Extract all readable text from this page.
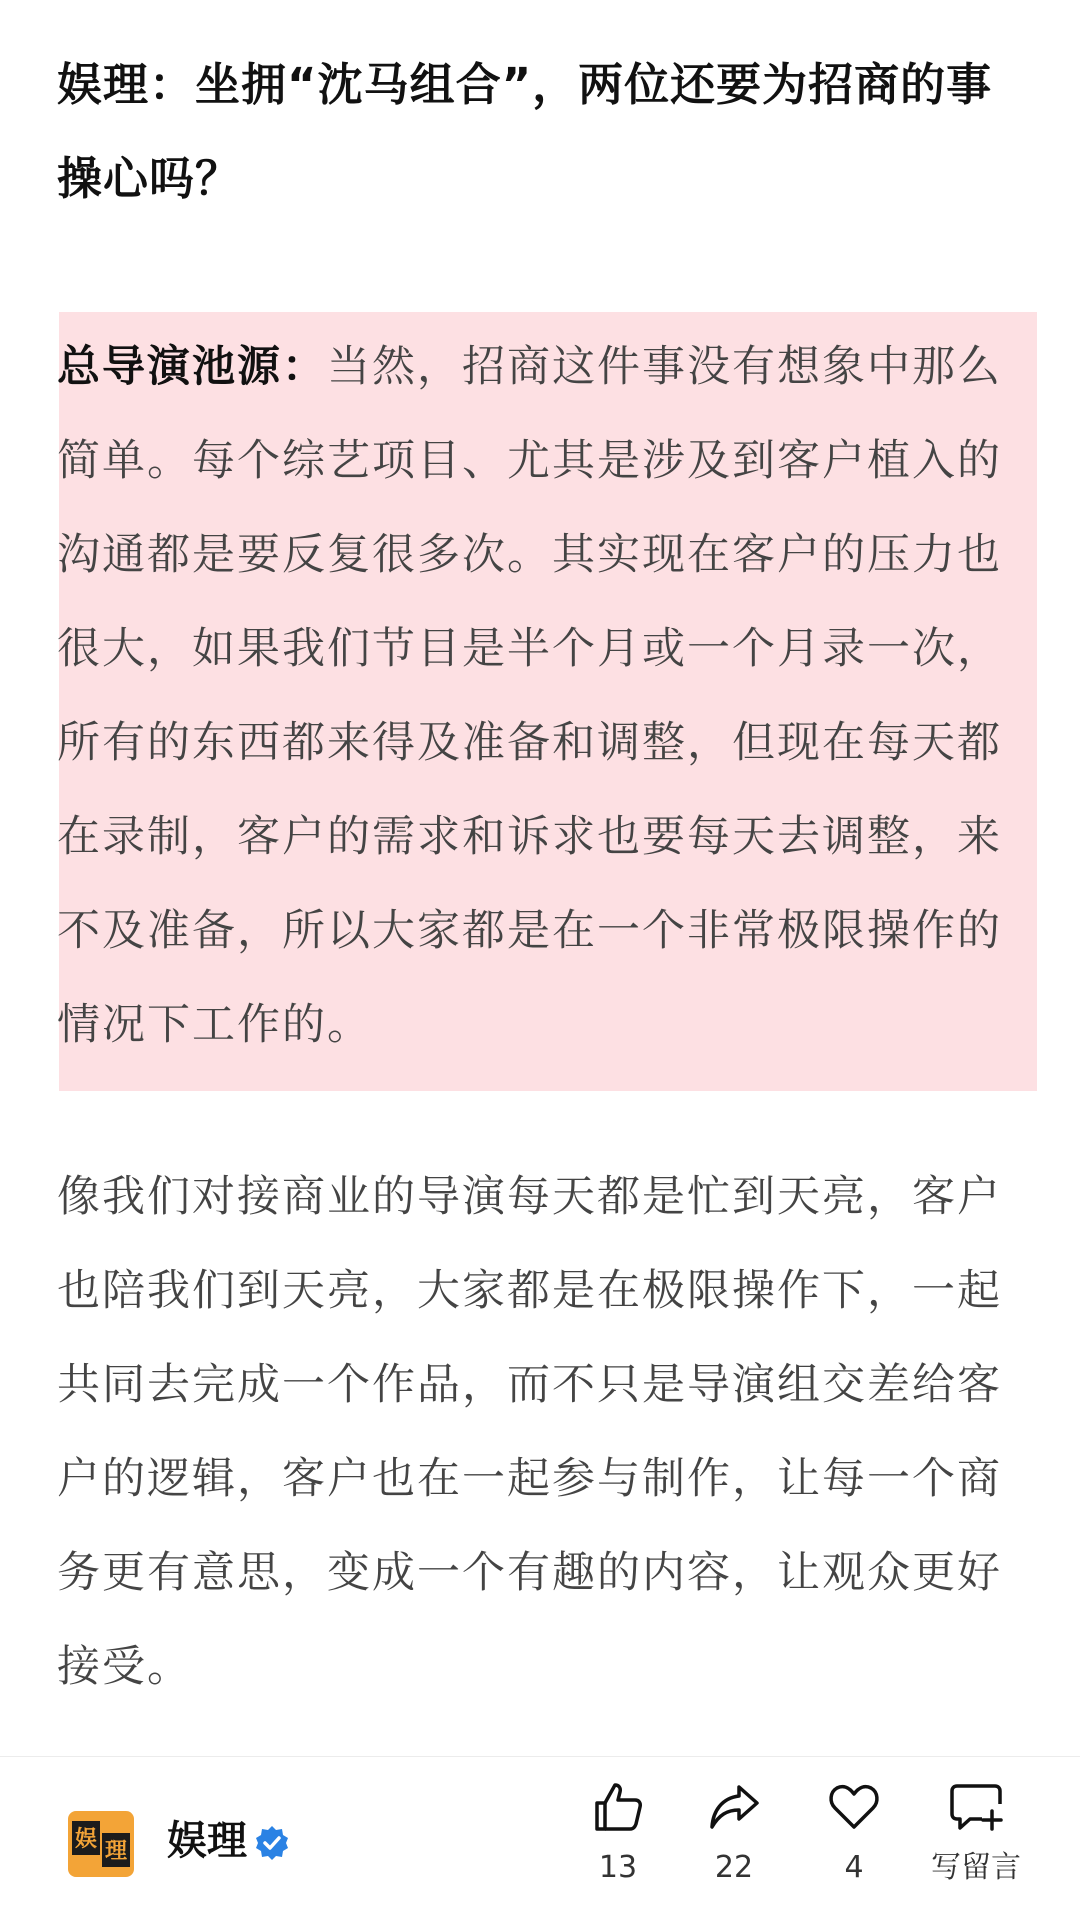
娱理：坐拥“沈马组合”，两位还要为招商的事操心吗？

总导演池源：当然，招商这件事没有想象中那么简单。每个综艺项目、尤其是涉及到客户植入的沟通都是要反复很多次。其实现在客户的压力也很大，如果我们节目是半个月或一个月录一次，所有的东西都来得及准备和调整，但现在每天都在录制，客户的需求和诉求也要每天去调整，来不及准备，所以大家都是在一个非常极限操作的情况下工作的。

像我们对接商业的导演每天都是忙到天亮，客户也陪我们到天亮，大家都是在极限操作下，一起共同去完成一个作品，而不只是导演组交差给客户的逻辑，客户也在一起参与制作，让每一个商务更有意思，变成一个有趣的内容，让观众更好接受。

娱 理 娱理
13	22	4	写留言
